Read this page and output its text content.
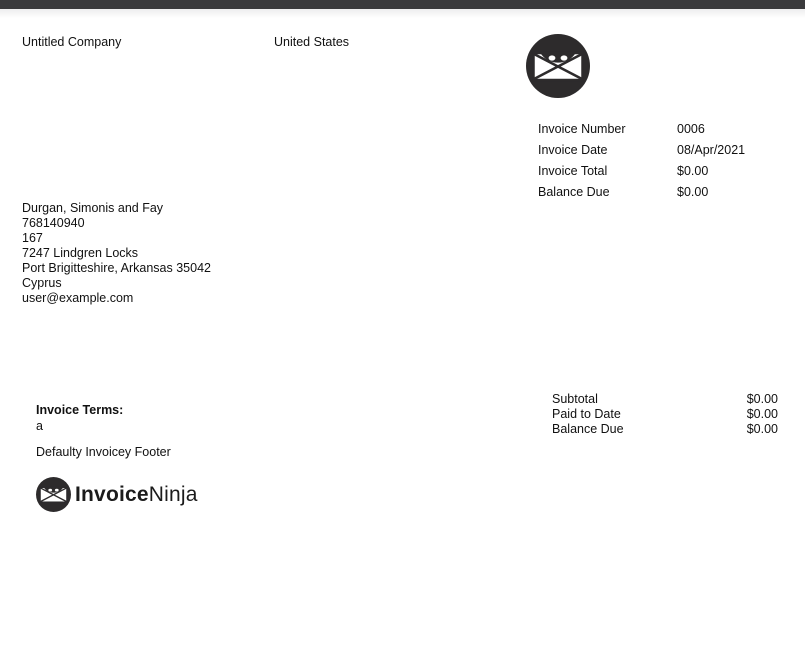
Untitled Company	United States
Invoice Number	0006
Invoice Date	08/Apr/2021
Invoice Total	$0.00
Balance Due	$0.00
Durgan, Simonis and Fay
768140940
167
7247 Lindgren Locks
Port Brigitteshire, Arkansas 35042
Cyprus
user@example.com
Invoice Terms:
a
Defaulty Invoicey Footer
Subtotal	$0.00
Paid to Date	$0.00
Balance Due	$0.00
InvoiceNinja
